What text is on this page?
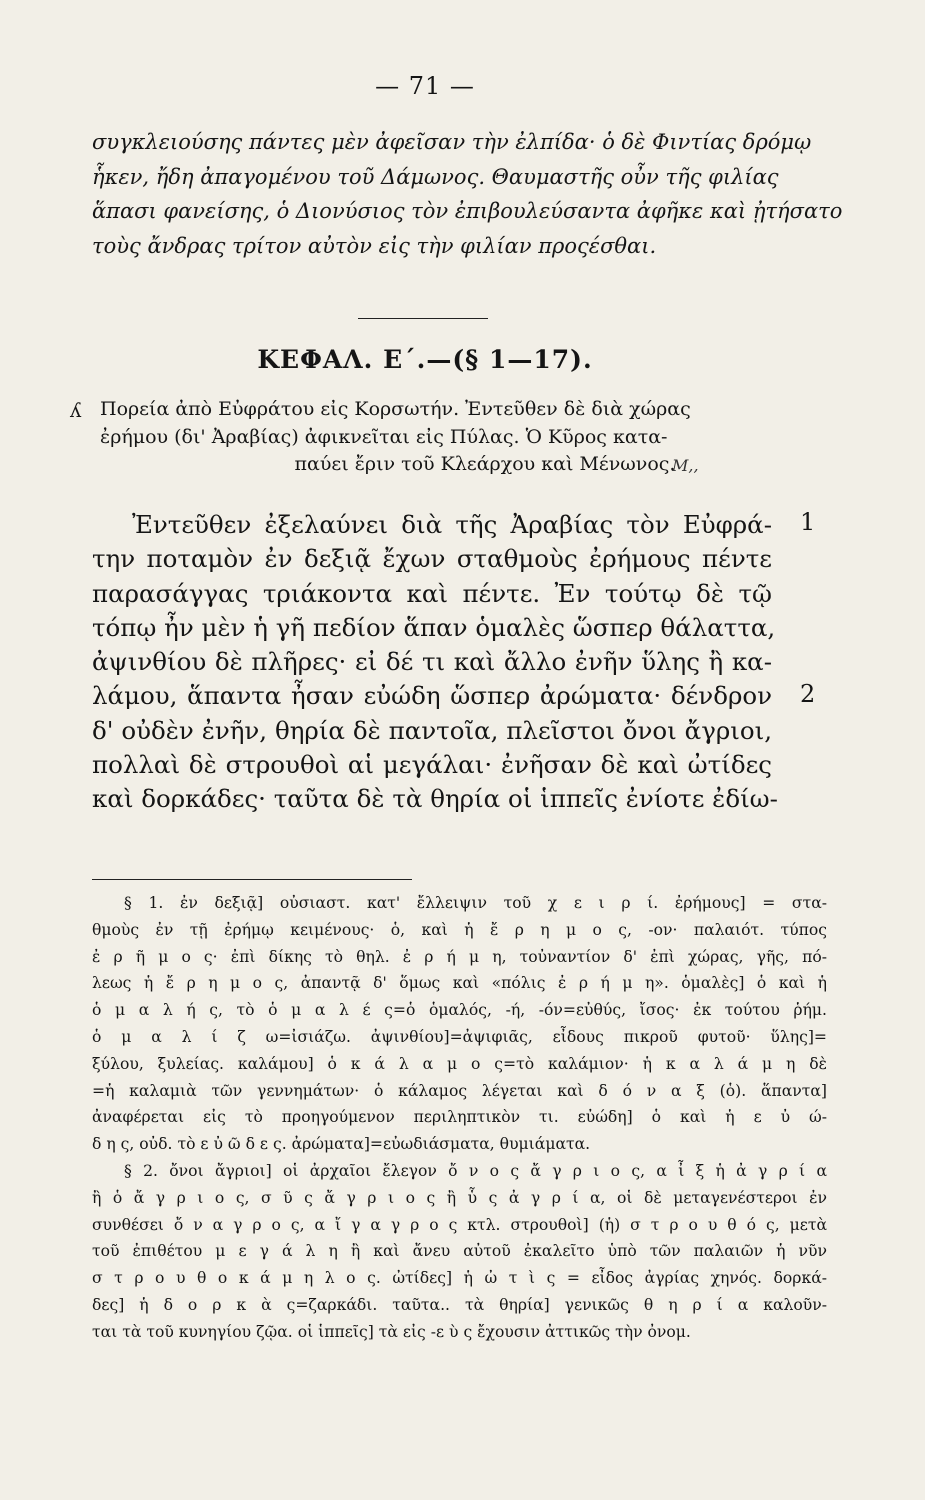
— 71 —
συγκλειούσης πάντες μὲν ἀφεῖσαν τὴν ἐλπίδα· ὁ δὲ Φιντίας δρόμῳ
ἧκεν, ἤδη ἀπαγομένου τοῦ Δάμωνος. Θαυμαστῆς οὖν τῆς φιλίας
ἅπασι φανείσης, ὁ Διονύσιος τὸν ἐπιβουλεύσαντα ἀφῆκε καὶ ᾐτήσατο
τοὺς ἄνδρας τρίτον αὐτὸν εἰς τὴν φιλίαν προςέσθαι.
ΚΕΦΑΛ. Ε΄.—(§ 1—17).
ʎ Πορεία ἀπὸ Εὐφράτου εἰς Κορσωτήν. Ἐντεῦθεν δὲ διὰ χώρας
ἐρήμου (δι' Ἀραβίας) ἀφικνεῖται εἰς Πύλας. Ὁ Κῦρος κατα-
παύει ἔριν τοῦ Κλεάρχου καὶ Μένωνος.
Μ,,
Ἐντεῦθεν ἐξελαύνει διὰ τῆς Ἀραβίας τὸν Εὐφρά-
την ποταμὸν ἐν δεξιᾷ ἔχων σταθμοὺς ἐρήμους πέντε
παρασάγγας τριάκοντα καὶ πέντε. Ἐν τούτῳ δὲ τῷ
τόπῳ ἦν μὲν ἡ γῆ πεδίον ἅπαν ὁμαλὲς ὥσπερ θάλαττα,
ἀψινθίου δὲ πλῆρες· εἰ δέ τι καὶ ἄλλο ἐνῆν ὕλης ἢ κα-
λάμου, ἅπαντα ἦσαν εὐώδη ὥσπερ ἀρώματα· δένδρον
δ' οὐδὲν ἐνῆν, θηρία δὲ παντοῖα, πλεῖστοι ὄνοι ἄγριοι,
πολλαὶ δὲ στρουθοὶ αἱ μεγάλαι· ἐνῆσαν δὲ καὶ ὠτίδες
καὶ δορκάδες· ταῦτα δὲ τὰ θηρία οἱ ἱππεῖς ἐνίοτε ἐδίω-
1
2
§ 1. ἐν δεξιᾷ] οὐσιαστ. κατ' ἔλλειψιν τοῦ χ ε ι ρ ί. ἐρήμους] = στα-
θμοὺς ἐν τῇ ἐρήμῳ κειμένους· ὁ, καὶ ἡ ἔ ρ η μ ο ς, -ον· παλαιότ. τύπος
ἐ ρ ῆ μ ο ς· ἐπὶ δίκης τὸ θηλ. ἐ ρ ή μ η, τοὐναντίον δ' ἐπὶ χώρας, γῆς, πό-
λεως ἡ ἔ ρ η μ ο ς, ἀπαντᾷ δ' ὅμως καὶ «πόλις ἐ ρ ή μ η». ὁμαλὲς] ὁ καὶ ἡ
ὁ μ α λ ή ς, τὸ ὁ μ α λ έ ς=ὁ ὁμαλός, -ή, -όν=εὐθύς, ἴσος· ἐκ τούτου ῥήμ.
ὁ μ α λ ί ζ ω=ἰσιάζω. ἀψινθίου]=ἀψιφιᾶς, εἶδους πικροῦ φυτοῦ· ὕλης]=
ξύλου, ξυλείας. καλάμου] ὁ κ ά λ α μ ο ς=τὸ καλάμιον· ἡ κ α λ ά μ η δὲ
=ἡ καλαμιὰ τῶν γεννημάτων· ὁ κάλαμος λέγεται καὶ δ ό ν α ξ (ὁ). ἅπαντα]
ἀναφέρεται εἰς τὸ προηγούμενον περιληπτικὸν τι. εὐώδη] ὁ καὶ ἡ ε ὐ ώ-
δ η ς, οὐδ. τὸ ε ὐ ῶ δ ε ς. ἀρώματα]=εὐωδιάσματα, θυμιάματα.
§ 2. ὄνοι ἄγριοι] οἱ ἀρχαῖοι ἔλεγον ὄ ν ο ς ἄ γ ρ ι ο ς, α ἶ ξ ἡ ἀ γ ρ ί α
ἢ ὁ ἄ γ ρ ι ο ς, σ ῦ ς ἄ γ ρ ι ο ς ἢ ὗ ς ἀ γ ρ ί α, οἱ δὲ μεταγενέστεροι ἐν
συνθέσει ὄ ν α γ ρ ο ς, α ἴ γ α γ ρ ο ς κτλ. στρουθοὶ] (ἡ) σ τ ρ ο υ θ ό ς, μετὰ
τοῦ ἐπιθέτου μ ε γ ά λ η ἢ καὶ ἄνευ αὐτοῦ ἐκαλεῖτο ὑπὸ τῶν παλαιῶν ἡ νῦν
σ τ ρ ο υ θ ο κ ά μ η λ ο ς. ὠτίδες] ἡ ὠ τ ὶ ς = εἶδος ἀγρίας χηνός. δορκά-
δες] ἡ δ ο ρ κ ὰ ς=ζαρκάδι. ταῦτα.. τὰ θηρία] γενικῶς θ η ρ ί α καλοῦν-
ται τὰ τοῦ κυνηγίου ζῷα. οἱ ἱππεῖς] τὰ εἰς -ε ὺ ς ἔχουσιν ἀττικῶς τὴν ὀνομ.
